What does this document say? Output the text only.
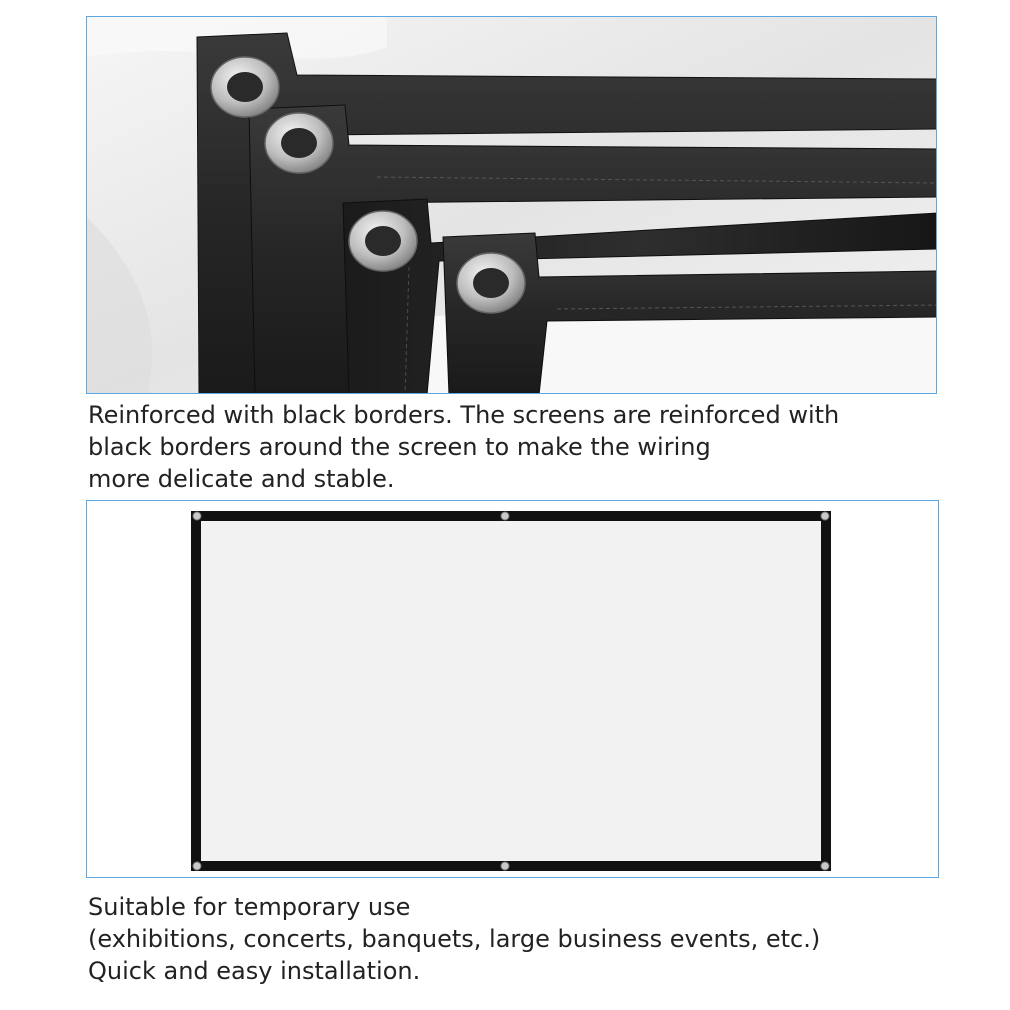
Reinforced with black borders. The screens are reinforced with
black borders around the screen to make the wiring
more delicate and stable.

Suitable for temporary use
(exhibitions, concerts, banquets, large business events, etc.)
Quick and easy installation.
